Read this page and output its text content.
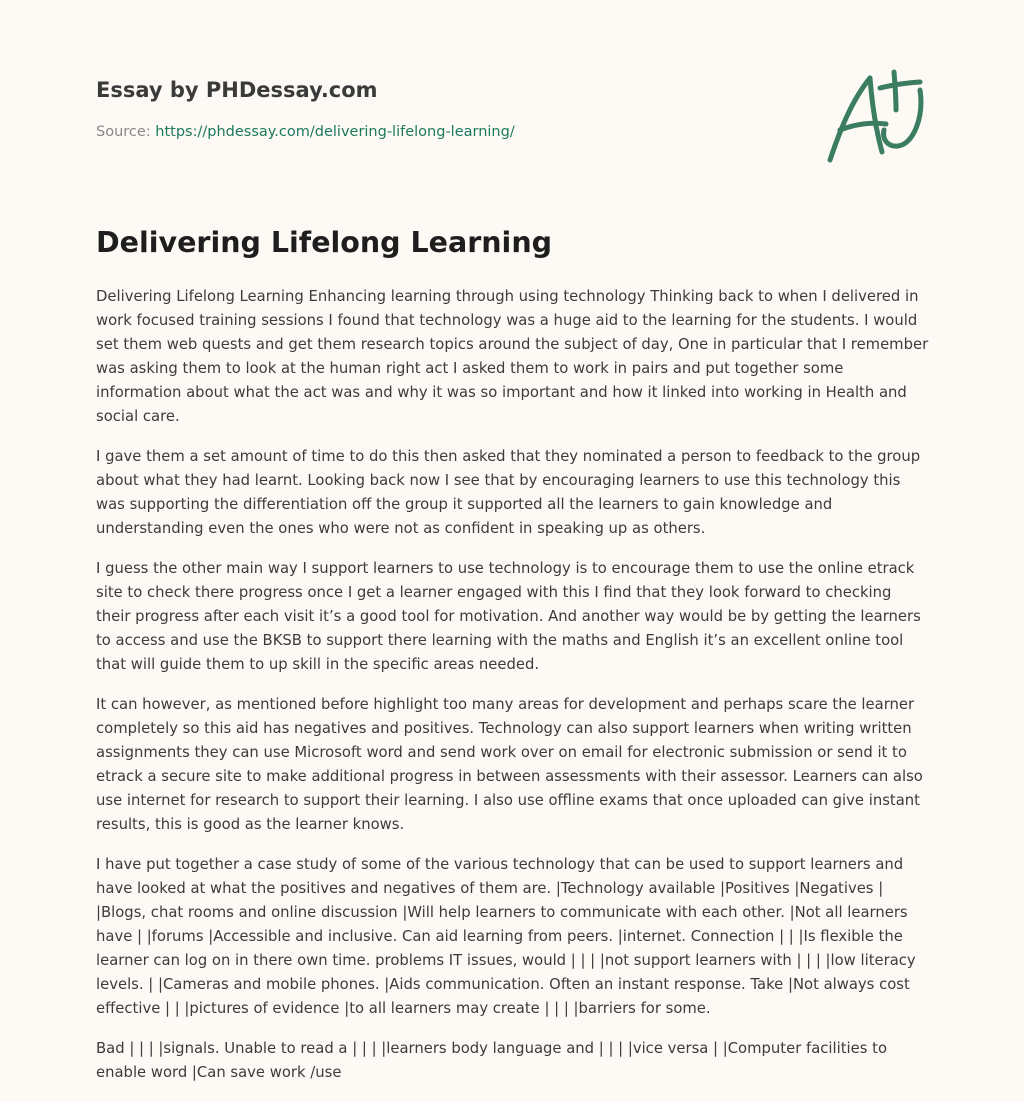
Essay by PHDessay.com
Source: https://phdessay.com/delivering-lifelong-learning/
Delivering Lifelong Learning

Delivering Lifelong Learning Enhancing learning through using technology Thinking back to when I delivered in work focused training sessions I found that technology was a huge aid to the learning for the students. I would set them web quests and get them research topics around the subject of day, One in particular that I remember was asking them to look at the human right act I asked them to work in pairs and put together some information about what the act was and why it was so important and how it linked into working in Health and social care.

I gave them a set amount of time to do this then asked that they nominated a person to feedback to the group about what they had learnt. Looking back now I see that by encouraging learners to use this technology this was supporting the differentiation off the group it supported all the learners to gain knowledge and understanding even the ones who were not as confident in speaking up as others.

I guess the other main way I support learners to use technology is to encourage them to use the online etrack site to check there progress once I get a learner engaged with this I find that they look forward to checking their progress after each visit it’s a good tool for motivation. And another way would be by getting the learners to access and use the BKSB to support there learning with the maths and English it’s an excellent online tool that will guide them to up skill in the specific areas needed.

It can however, as mentioned before highlight too many areas for development and perhaps scare the learner completely so this aid has negatives and positives. Technology can also support learners when writing written assignments they can use Microsoft word and send work over on email for electronic submission or send it to etrack a secure site to make additional progress in between assessments with their assessor. Learners can also use internet for research to support their learning. I also use offline exams that once uploaded can give instant results, this is good as the learner knows.

I have put together a case study of some of the various technology that can be used to support learners and have looked at what the positives and negatives of them are. |Technology available |Positives |Negatives | |Blogs, chat rooms and online discussion |Will help learners to communicate with each other. |Not all learners have | |forums |Accessible and inclusive. Can aid learning from peers. |internet. Connection | | |Is flexible the learner can log on in there own time. problems IT issues, would | | | |not support learners with | | | |low literacy levels. | |Cameras and mobile phones. |Aids communication. Often an instant response. Take |Not always cost effective | | |pictures of evidence |to all learners may create | | | |barriers for some.

Bad | | | |signals. Unable to read a | | | |learners body language and | | | |vice versa | |Computer facilities to enable word |Can save work /use
